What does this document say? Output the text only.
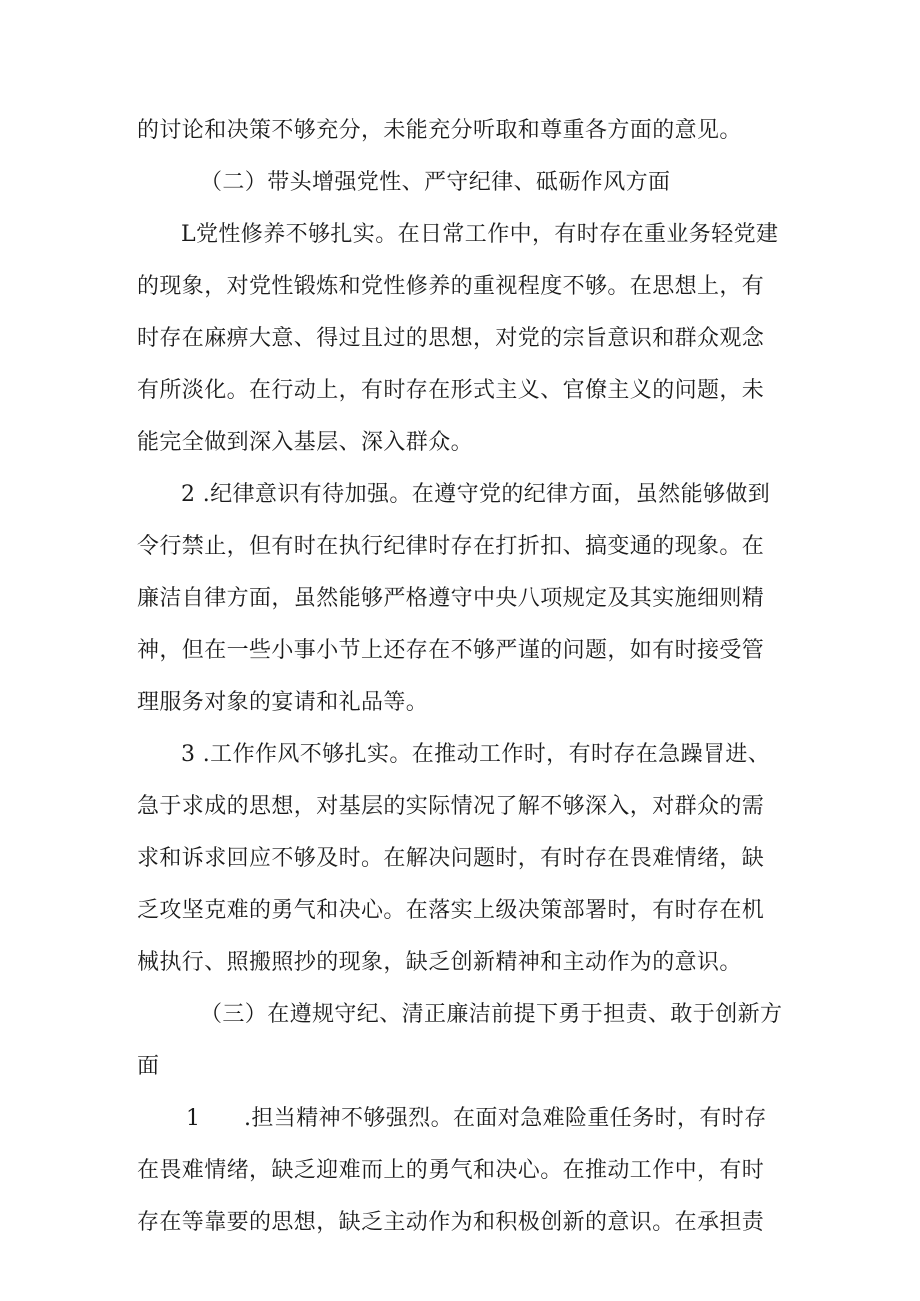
的讨论和决策不够充分，未能充分听取和尊重各方面的意见。
（二）带头增强党性、严守纪律、砥砺作风方面
L党性修养不够扎实。在日常工作中，有时存在重业务轻党建
的现象，对党性锻炼和党性修养的重视程度不够。在思想上，有
时存在麻痹大意、得过且过的思想，对党的宗旨意识和群众观念
有所淡化。在行动上，有时存在形式主义、官僚主义的问题，未
能完全做到深入基层、深入群众。
2 .纪律意识有待加强。在遵守党的纪律方面，虽然能够做到
令行禁止，但有时在执行纪律时存在打折扣、搞变通的现象。在
廉洁自律方面，虽然能够严格遵守中央八项规定及其实施细则精
神，但在一些小事小节上还存在不够严谨的问题，如有时接受管
理服务对象的宴请和礼品等。
3 .工作作风不够扎实。在推动工作时，有时存在急躁冒进、
急于求成的思想，对基层的实际情况了解不够深入，对群众的需
求和诉求回应不够及时。在解决问题时，有时存在畏难情绪，缺
乏攻坚克难的勇气和决心。在落实上级决策部署时，有时存在机
械执行、照搬照抄的现象，缺乏创新精神和主动作为的意识。
（三）在遵规守纪、清正廉洁前提下勇于担责、敢于创新方
面
1 .担当精神不够强烈。在面对急难险重任务时，有时存
在畏难情绪，缺乏迎难而上的勇气和决心。在推动工作中，有时
存在等靠要的思想，缺乏主动作为和积极创新的意识。在承担责
